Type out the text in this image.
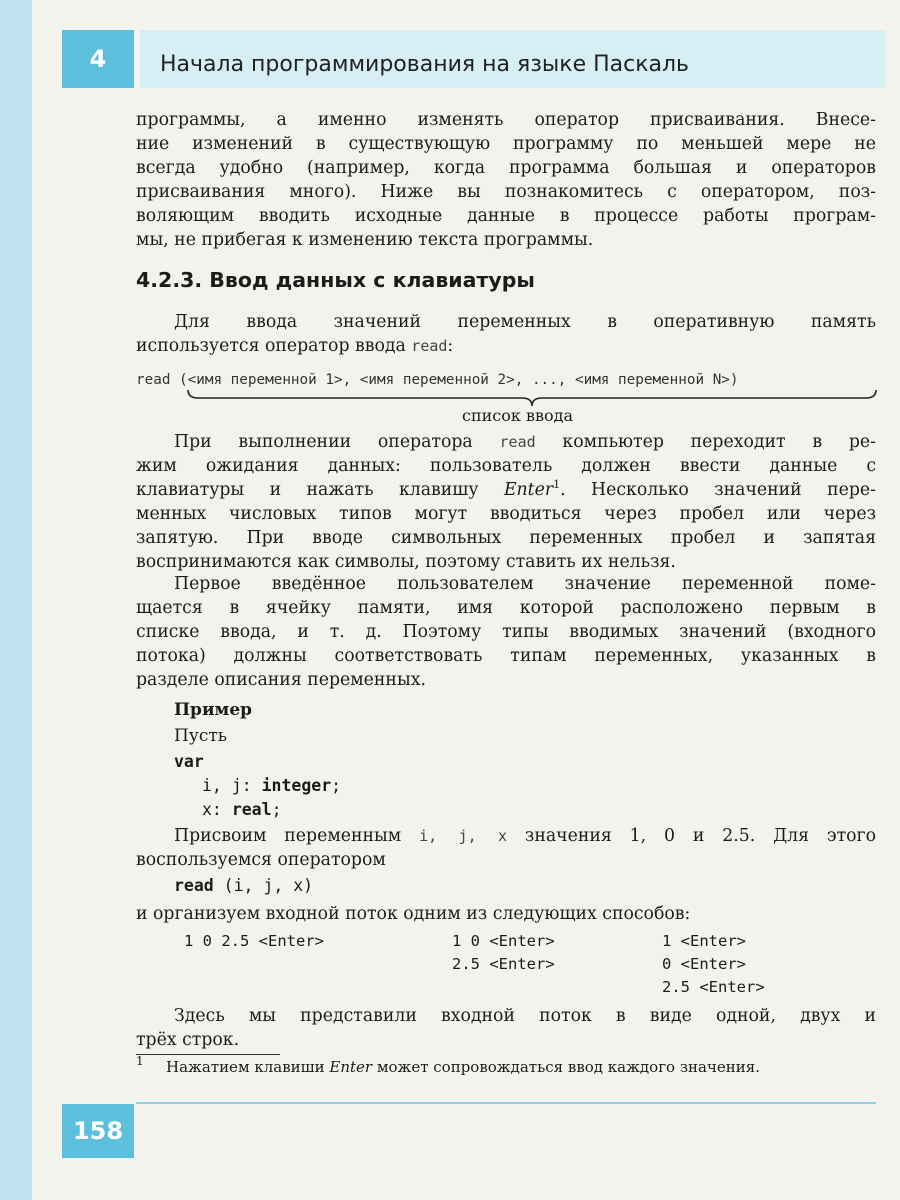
4 Начала программирования на языке Паскаль
программы, а именно изменять оператор присваивания. Внесе-
ние изменений в существующую программу по меньшей мере не
всегда удобно (например, когда программа большая и операторов
присваивания много). Ниже вы познакомитесь с оператором, поз-
воляющим вводить исходные данные в процессе работы програм-
мы, не прибегая к изменению текста программы.
4.2.3. Ввод данных с клавиатуры
Для ввода значений переменных в оперативную память
используется оператор ввода read:
read (<имя переменной 1>, <имя переменной 2>, ..., <имя переменной N>)
список ввода
При выполнении оператора read компьютер переходит в ре-
жим ожидания данных: пользователь должен ввести данные с
клавиатуры и нажать клавишу Enter$^1$. Несколько значений пере-
менных числовых типов могут вводиться через пробел или через
запятую. При вводе символьных переменных пробел и запятая
воспринимаются как символы, поэтому ставить их нельзя.
Первое введённое пользователем значение переменной поме-
щается в ячейку памяти, имя которой расположено первым в
списке ввода, и т. д. Поэтому типы вводимых значений (входного
потока) должны соответствовать типам переменных, указанных в
разделе описания переменных.
Пример
Пусть
var
i, j: integer;
x: real;
Присвоим переменным i, j, x значения 1, 0 и 2.5. Для этого
воспользуемся оператором
read (i, j, x)
и организуем входной поток одним из следующих способов:
1 0 2.5 <Enter>	1 0 <Enter>
2.5 <Enter>
1 <Enter>
0 <Enter>
2.5 <Enter>
Здесь мы представили входной поток в виде одной, двух и
трёх строк.
1 Нажатием клавиши Enter может сопровождаться ввод каждого значения.
158
